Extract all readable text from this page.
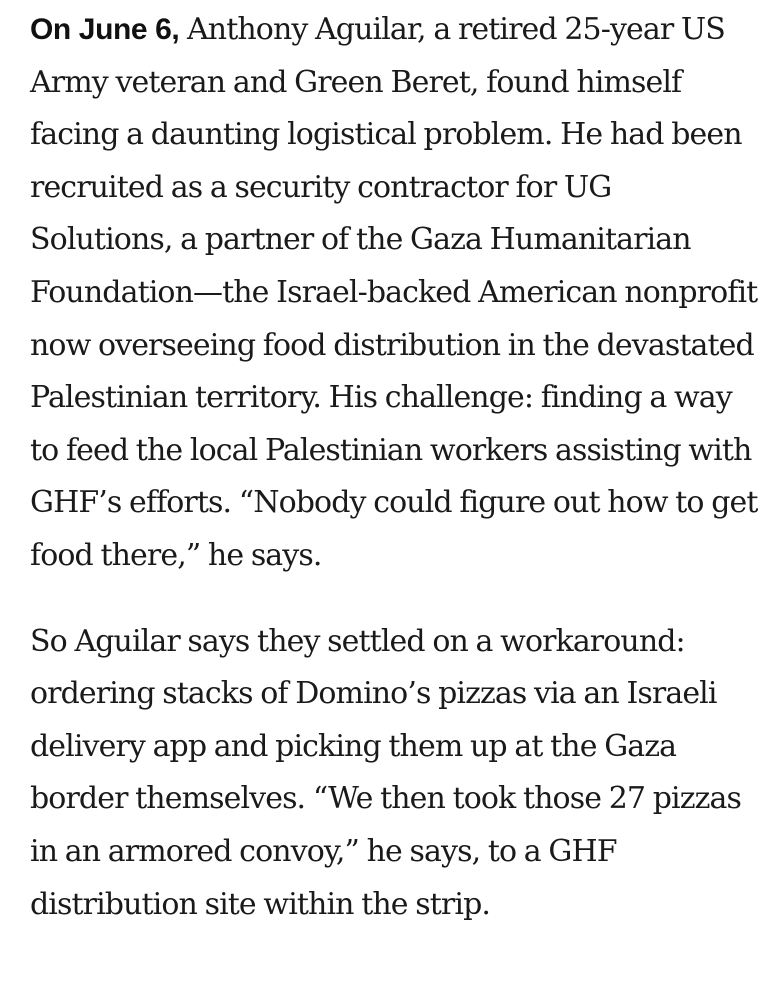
On June 6, Anthony Aguilar, a retired 25-year US Army veteran and Green Beret, found himself facing a daunting logistical problem. He had been recruited as a security contractor for UG Solutions, a partner of the Gaza Humanitarian Foundation—the Israel-backed American nonprofit now overseeing food distribution in the devastated Palestinian territory. His challenge: finding a way to feed the local Palestinian workers assisting with GHF’s efforts. “Nobody could figure out how to get food there,” he says.

So Aguilar says they settled on a workaround: ordering stacks of Domino’s pizzas via an Israeli delivery app and picking them up at the Gaza border themselves. “We then took those 27 pizzas in an armored convoy,” he says, to a GHF distribution site within the strip.
